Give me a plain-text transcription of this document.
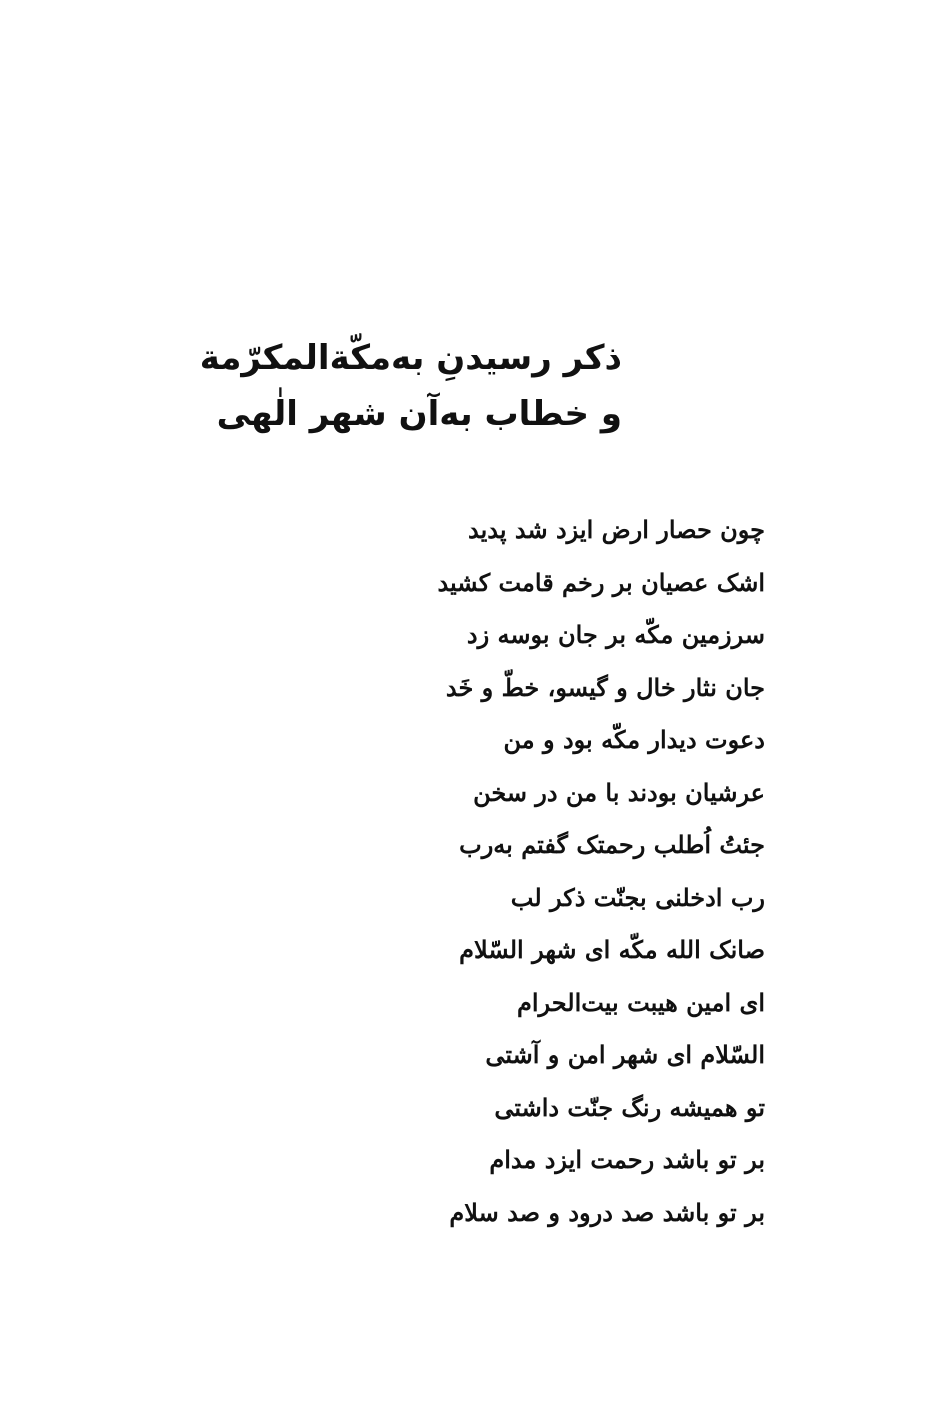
ذکر رسیدنِ به‌مکّةالمکرّمة
و خطاب به‌آن شهر الٰهی
چون حصار ارض ایزد شد پدید
اشک عصیان بر رخم قامت کشید
سرزمین مکّه بر جان بوسه زد
جان نثار خال و گیسو، خطّ و خَد
دعوت دیدار مکّه بود و من
عرشیان بودند با من در سخن
جئتُ اُطلب رحمتک گفتم به‌رب
رب ادخلنی بجنّت ذکر لب
صانک الله مکّه ای شهر السّلام
ای امین هیبت بیت‌الحرام
السّلام ای شهر امن و آشتی
تو همیشه رنگ جنّت داشتی
بر تو باشد رحمت ایزد مدام
بر تو باشد صد درود و صد سلام
